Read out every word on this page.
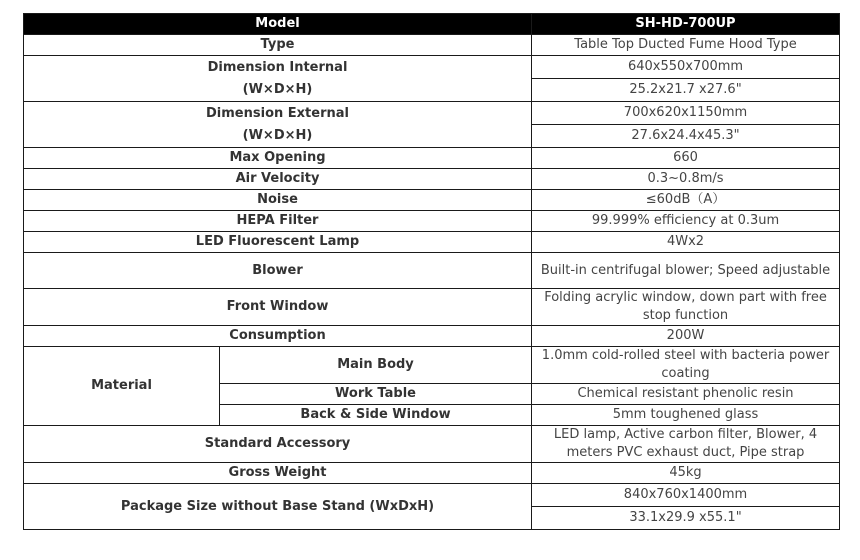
Model		SH-HD-700UP
Type		Table Top Ducted Fume Hood Type

Dimension Internal
(W×D×H)		640x550x700mm
25.2x21.7 x27.6"

Dimension External
(W×D×H)		700x620x1150mm
27.6x24.4x45.3"

Max Opening		660
Air Velocity		0.3~0.8m/s
Noise		≤60dB（A）
HEPA Filter		99.999% efficiency at 0.3um
LED Fluorescent Lamp		4Wx2
Blower		Built-in centrifugal blower; Speed adjustable
Front Window		Folding acrylic window, down part with free stop function
Consumption		200W
Material	Main Body	1.0mm cold-rolled steel with bacteria power coating
	Work Table	Chemical resistant phenolic resin
	Back & Side Window	5mm toughened glass
Standard Accessory		LED lamp, Active carbon filter, Blower, 4 meters PVC exhaust duct, Pipe strap
Gross Weight		45kg
Package Size without Base Stand (WxDxH)		840x760x1400mm
33.1x29.9 x55.1"
